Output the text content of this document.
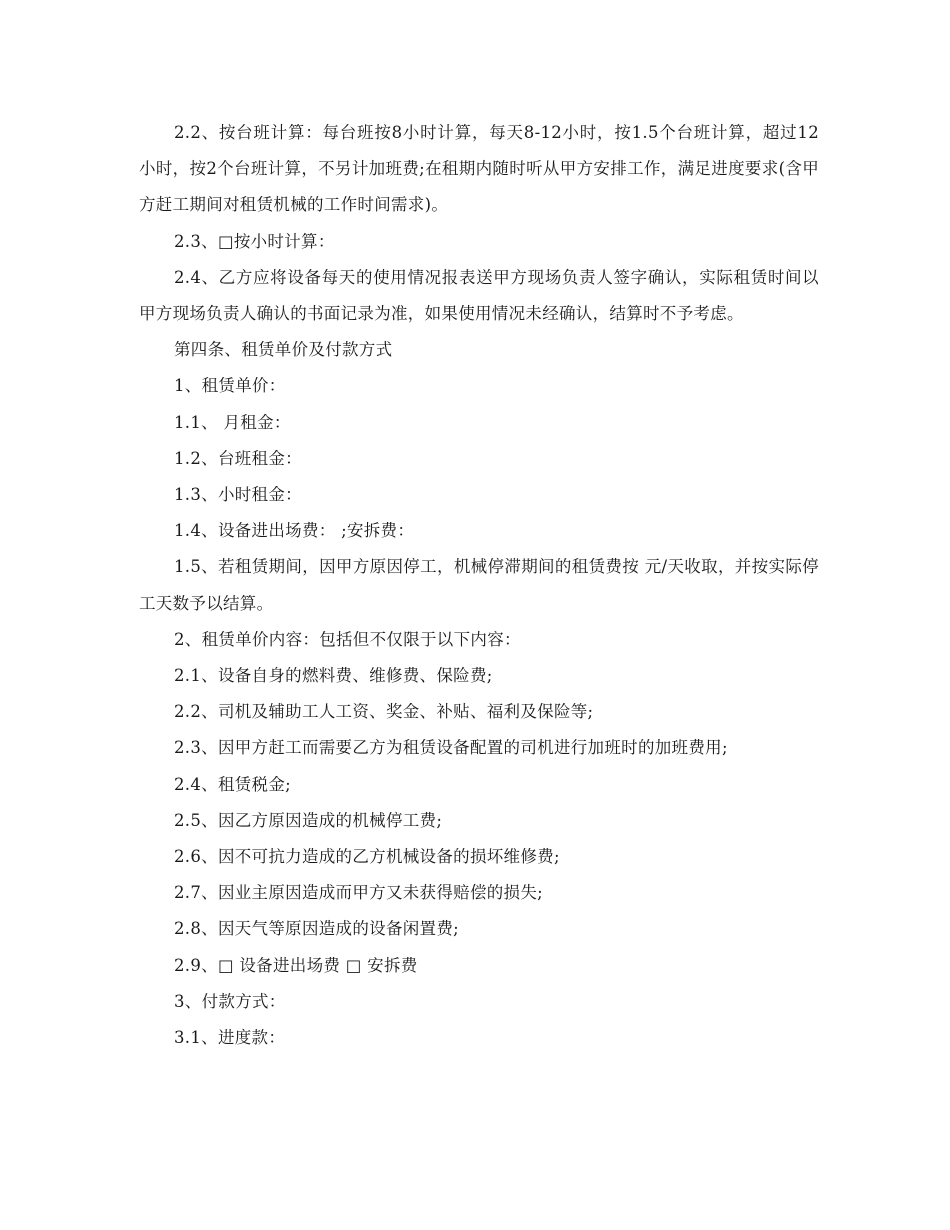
2.2、按台班计算：每台班按8小时计算，每天8-12小时，按1.5个台班计算，超过12小时，按2个台班计算，不另计加班费;在租期内随时听从甲方安排工作，满足进度要求(含甲方赶工期间对租赁机械的工作时间需求)。

2.3、□按小时计算：

2.4、乙方应将设备每天的使用情况报表送甲方现场负责人签字确认，实际租赁时间以甲方现场负责人确认的书面记录为准，如果使用情况未经确认，结算时不予考虑。

第四条、租赁单价及付款方式

1、租赁单价：

1.1、 月租金：

1.2、台班租金：

1.3、小时租金：

1.4、设备进出场费： ;安拆费：

1.5、若租赁期间，因甲方原因停工，机械停滞期间的租赁费按 元/天收取，并按实际停工天数予以结算。

2、租赁单价内容：包括但不仅限于以下内容：

2.1、设备自身的燃料费、维修费、保险费;

2.2、司机及辅助工人工资、奖金、补贴、福利及保险等;

2.3、因甲方赶工而需要乙方为租赁设备配置的司机进行加班时的加班费用;

2.4、租赁税金;

2.5、因乙方原因造成的机械停工费;

2.6、因不可抗力造成的乙方机械设备的损坏维修费;

2.7、因业主原因造成而甲方又未获得赔偿的损失;

2.8、因天气等原因造成的设备闲置费;

2.9、□ 设备进出场费 □ 安拆费

3、付款方式：

3.1、进度款：
